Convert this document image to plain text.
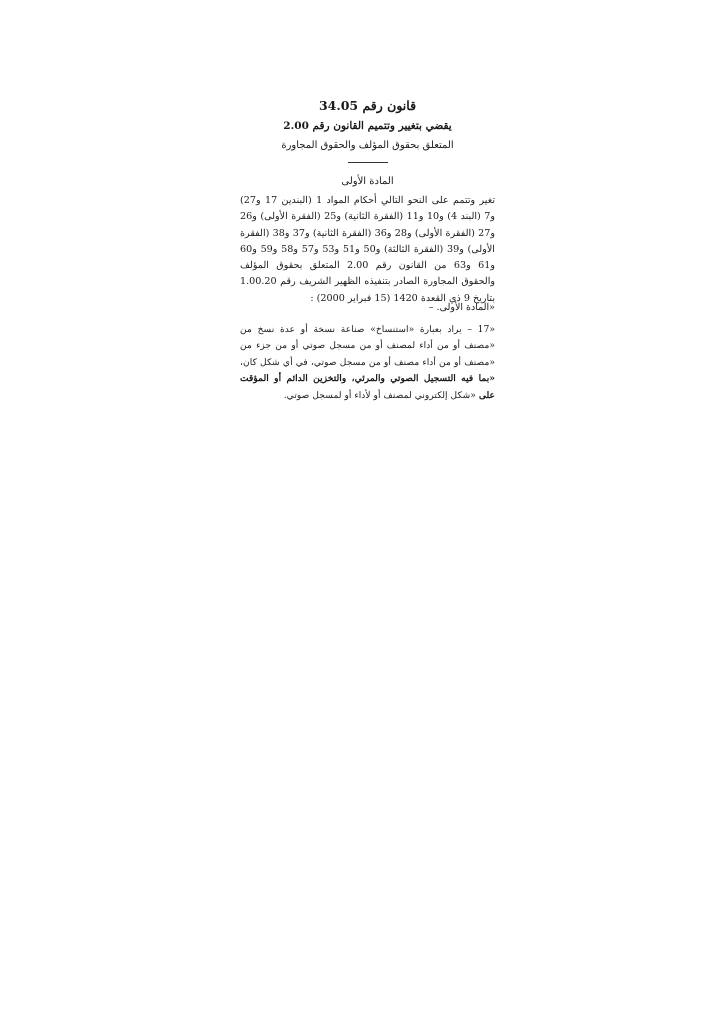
قانون رقم 34.05

يقضي بتغيير وتتميم القانون رقم 2.00

المتعلق بحقوق المؤلف والحقوق المجاورة

المادة الأولى

تغير وتتمم على النحو التالي أحكام المواد 1 (البندين 17 و27) و7 (البند 4) و10 و11 (الفقرة الثانية) و25 (الفقرة الأولى) و26 و27 (الفقرة الأولى) و28 و36 (الفقرة الثانية) و37 و38 (الفقرة الأولى) و39 (الفقرة الثالثة) و50 و51 و53 و57 و58 و59 و60 و61 و63 من القانون رقم 2.00 المتعلق بحقوق المؤلف والحقوق المجاورة الصادر بتنفيذه الظهير الشريف رقم 1.00.20 بتاريخ 9 ذي القعدة 1420 (15 فبراير 2000) :

«المادة الأولى. –

«17 – يراد بعبارة «استنساخ» صناعة نسخة أو عدة نسخ من «مصنف أو من أداء لمصنف أو من مسجل صوتي أو من جزء من «مصنف أو من أداء مصنف أو من مسجل صوتي، في أي شكل كان، «بما فيه التسجيل الصوتي والمرئي، والتخزين الدائم أو المؤقت على «شكل إلكتروني لمصنف أو لأداء أو لمسجل صوتي.
